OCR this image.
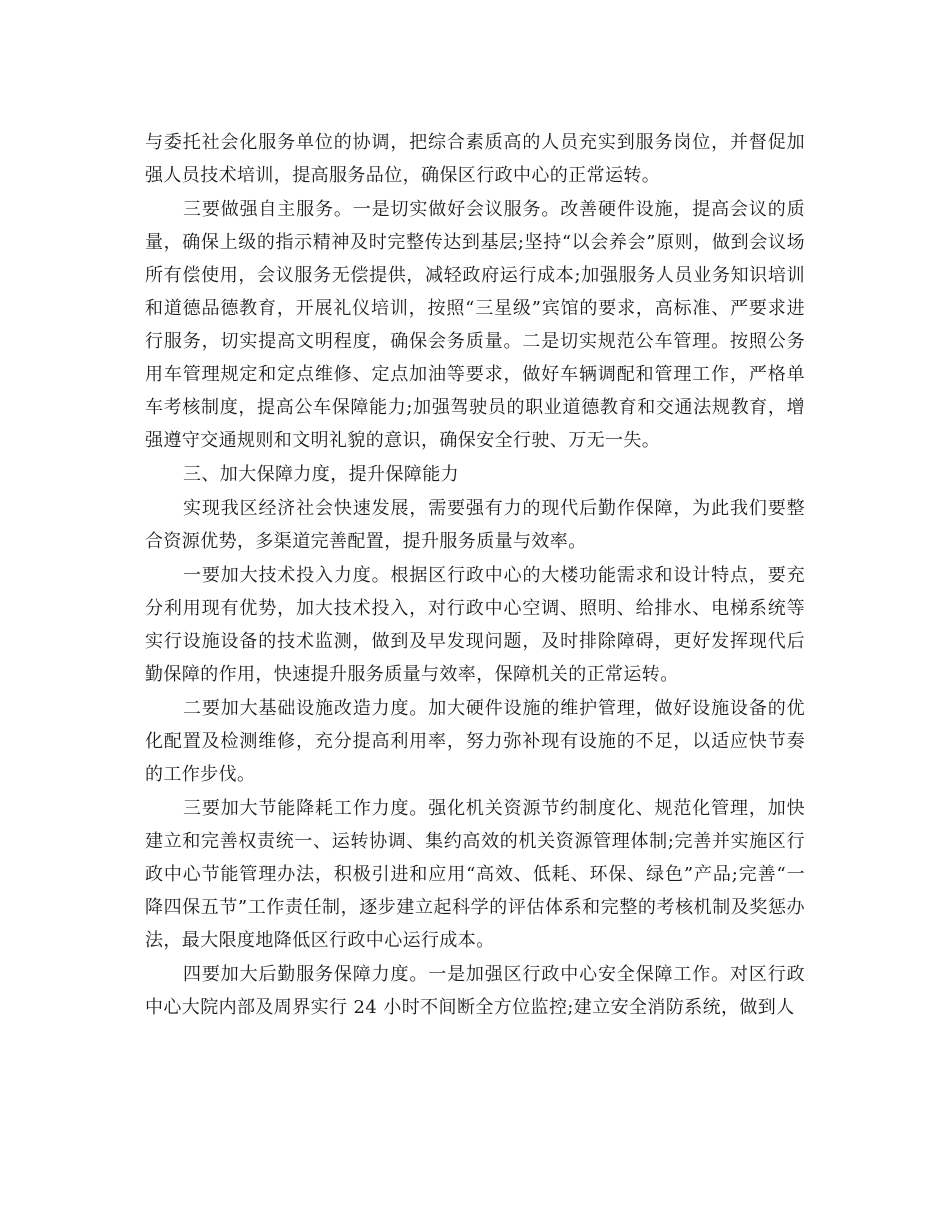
与委托社会化服务单位的协调，把综合素质高的人员充实到服务岗位，并督促加强人员技术培训，提高服务品位，确保区行政中心的正常运转。

三要做强自主服务。一是切实做好会议服务。改善硬件设施，提高会议的质量，确保上级的指示精神及时完整传达到基层;坚持“以会养会”原则，做到会议场所有偿使用，会议服务无偿提供，减轻政府运行成本;加强服务人员业务知识培训和道德品德教育，开展礼仪培训，按照“三星级”宾馆的要求，高标准、严要求进行服务，切实提高文明程度，确保会务质量。二是切实规范公车管理。按照公务用车管理规定和定点维修、定点加油等要求，做好车辆调配和管理工作，严格单车考核制度，提高公车保障能力;加强驾驶员的职业道德教育和交通法规教育，增强遵守交通规则和文明礼貌的意识，确保安全行驶、万无一失。

三、加大保障力度，提升保障能力

实现我区经济社会快速发展，需要强有力的现代后勤作保障，为此我们要整合资源优势，多渠道完善配置，提升服务质量与效率。

一要加大技术投入力度。根据区行政中心的大楼功能需求和设计特点，要充分利用现有优势，加大技术投入，对行政中心空调、照明、给排水、电梯系统等实行设施设备的技术监测，做到及早发现问题，及时排除障碍，更好发挥现代后勤保障的作用，快速提升服务质量与效率，保障机关的正常运转。

二要加大基础设施改造力度。加大硬件设施的维护管理，做好设施设备的优化配置及检测维修，充分提高利用率，努力弥补现有设施的不足，以适应快节奏的工作步伐。

三要加大节能降耗工作力度。强化机关资源节约制度化、规范化管理，加快建立和完善权责统一、运转协调、集约高效的机关资源管理体制;完善并实施区行政中心节能管理办法，积极引进和应用“高效、低耗、环保、绿色”产品;完善“一降四保五节”工作责任制，逐步建立起科学的评估体系和完整的考核机制及奖惩办法，最大限度地降低区行政中心运行成本。

四要加大后勤服务保障力度。一是加强区行政中心安全保障工作。对区行政中心大院内部及周界实行 24 小时不间断全方位监控;建立安全消防系统，做到人
